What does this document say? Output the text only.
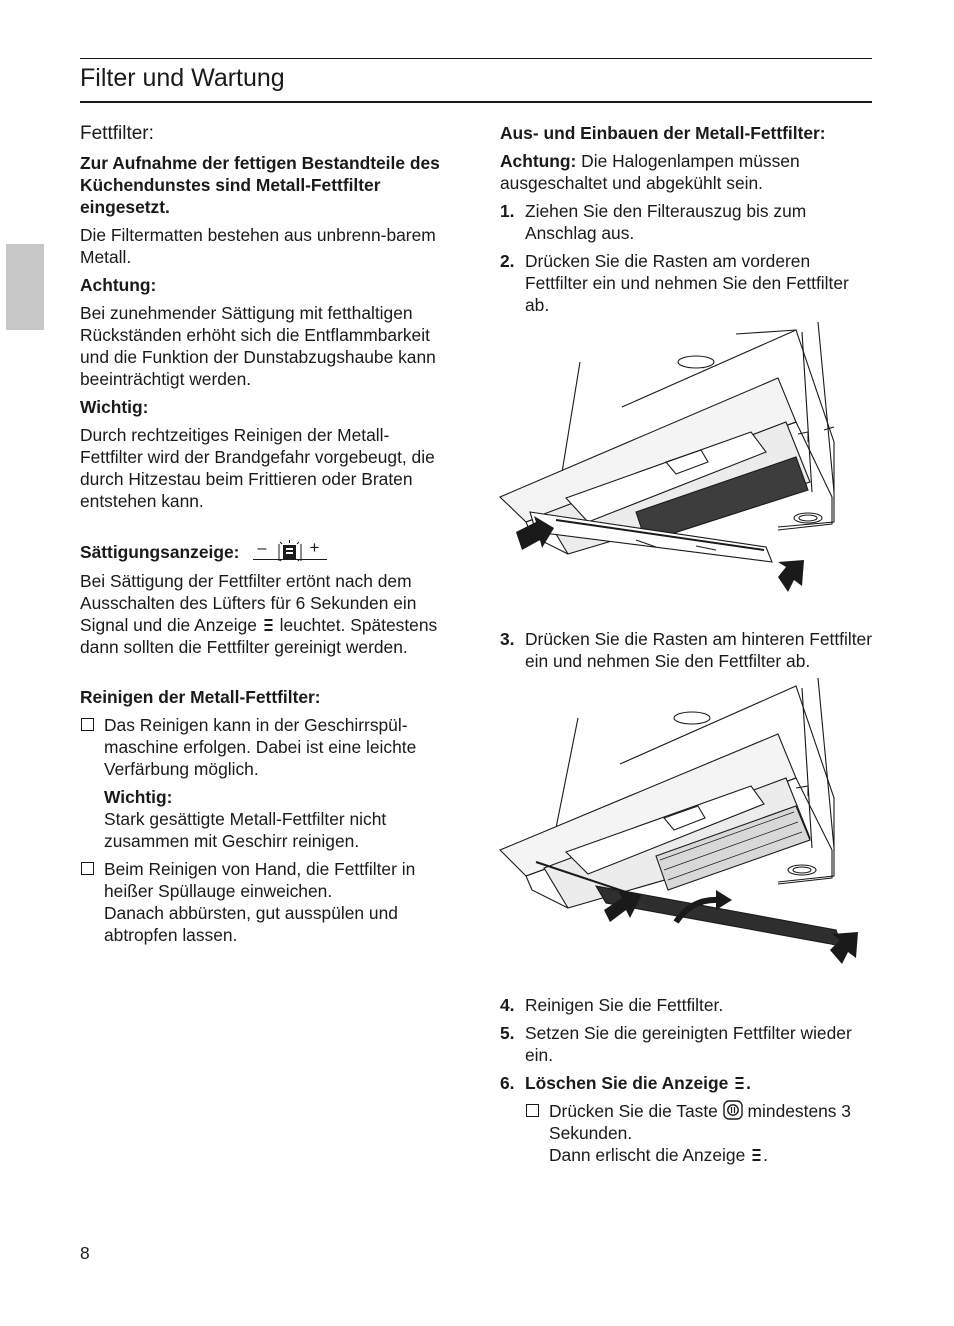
Filter und Wartung
Fettfilter:

Zur Aufnahme der fettigen Bestandteile des Küchendunstes sind Metall-Fettfilter eingesetzt.

Die Filtermatten bestehen aus unbrenn-barem Metall.

Achtung:

Bei zunehmender Sättigung mit fetthaltigen Rückständen erhöht sich die Entflammbarkeit und die Funktion der Dunstabzugshaube kann beeinträchtigt werden.

Wichtig:

Durch rechtzeitiges Reinigen der Metall-Fettfilter wird der Brandgefahr vorgebeugt, die durch Hitzestau beim Frittieren oder Braten entstehen kann.

Sättigungsanzeige: –	+

Bei Sättigung der Fettfilter ertönt nach dem Ausschalten des Lüfters für 6 Sekunden ein Signal und die Anzeige leuchtet. Spätestens dann sollten die Fettfilter gereinigt werden.

Reinigen der Metall-Fettfilter:
Das Reinigen kann in der Geschirrspül-maschine erfolgen. Dabei ist eine leichte Verfärbung möglich.
Wichtig:
Stark gesättigte Metall-Fettfilter nicht zusammen mit Geschirr reinigen.
Beim Reinigen von Hand, die Fettfilter in heißer Spüllauge einweichen.
Danach abbürsten, gut ausspülen und abtropfen lassen.
Aus- und Einbauen der Metall-Fettfilter:

Achtung: Die Halogenlampen müssen ausgeschaltet und abgekühlt sein.

1. Ziehen Sie den Filterauszug bis zum Anschlag aus.
2. Drücken Sie die Rasten am vorderen Fettfilter ein und nehmen Sie den Fettfilter ab.
3. Drücken Sie die Rasten am hinteren Fettfilter ein und nehmen Sie den Fettfilter ab.
4. Reinigen Sie die Fettfilter.
5. Setzen Sie die gereinigten Fettfilter wieder ein.
6. Löschen Sie die Anzeige .
Drücken Sie die Taste mindestens 3 Sekunden.
Dann erlischt die Anzeige .
8
